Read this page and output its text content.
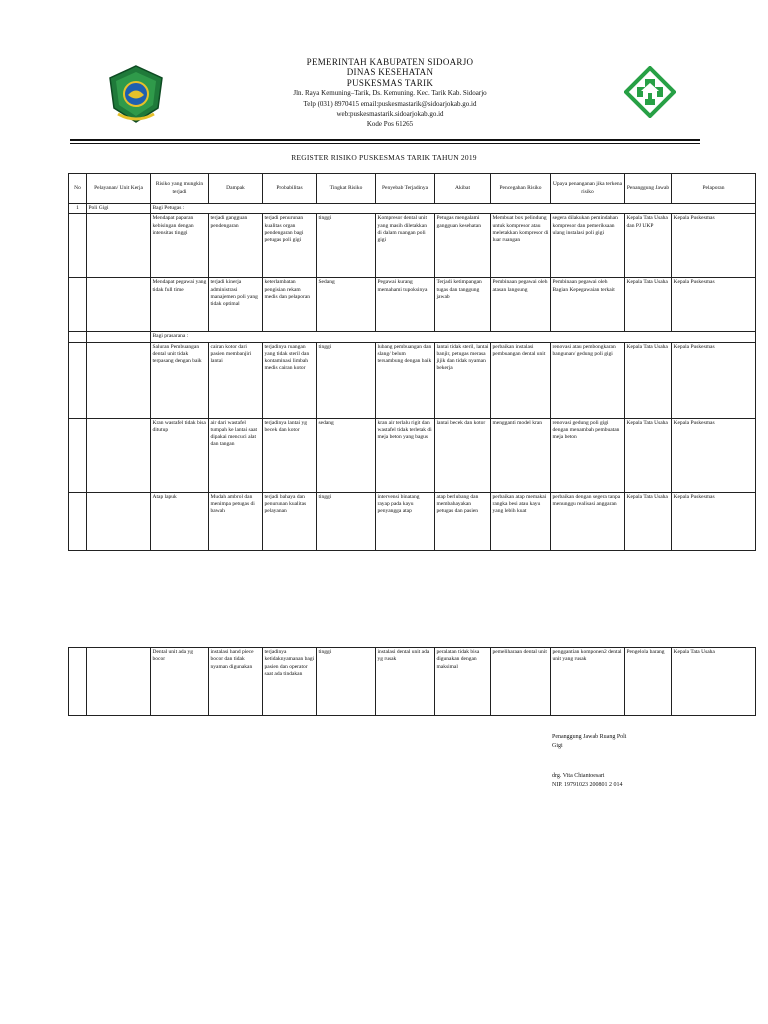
PEMERINTAH KABUPATEN SIDOARJO
DINAS KESEHATAN
PUSKESMAS TARIK
Jln. Raya Kemuning–Tarik, Ds. Kemuning. Kec. Tarik Kab. Sidoarjo
Telp (031) 8970415 email:puskesmastarik@sidoarjokab.go.id
web:puskesmastarik.sidoarjokab.go.id
Kode Pos 61265
REGISTER RISIKO PUSKESMAS TARIK TAHUN 2019
No	Pelayanan/ Unit Kerja	Risiko yang mungkin terjadi	Dampak	Probabilitas	Tingkat Risiko	Penyebab Terjadinya	Akibat	Pencegahan Risiko	Upaya penanganan jika terkena risiko	Penanggung Jawab	Pelaporan
1	Poli Gigi	Bagi Petugas :									
		Mendapat paparan kebisingan dengan intensitas tinggi	terjadi gangguan pendengaran	terjadi penurunan kualitas organ pendengaran bagi petugas poli gigi	tinggi	Kompresor dental unit yang masih diletakkan di dalam ruangan poli gigi	Petugas mengalami gangguan kesehatan	Membuat box pelindung untuk kompresor atau meletakkan kompresor di luar ruangan	segera dilakukan pemindahan kompresor dan pemeriksaan ulang instalasi poli gigi	Kepala Tata Usaha dan PJ UKP	Kepala Puskesmas
		Mendapat pegawai yang tidak full time	terjadi kinerja administrasi manajemen poli yang tidak optimal	keterlambatan pengisian rekam medis dan pelaporan	Sedang	Pegawai kurang memahami tupoksinya	Terjadi ketimpangan tugas dan tanggung jawab	Pembinaan pegawai oleh atasan langsung	Pembinaan pegawai oleh Bagian Kepegawaian terkait	Kepala Tata Usaha	Kepala Puskesmas
		Bagi prasarana :									
		Saluran Pembuangan dental unit tidak terpasang dengan baik	cairan kotor dari pasien membanjiri lantai	terjadinya ruangan yang tidak steril dan kontaminasi limbah medis cairan kotor	tinggi	lubang pembuangan dan slang/ belum tersambung dengan baik	lantai tidak steril, lantai banjir, petugas merasa jijik dan tidak nyaman bekerja	perbaikan instalasi pembuangan dental unit	renovasi atau pembongkaran bangunan/ gedung poli gigi	Kepala Tata Usaha	Kepala Puskesmas
		Kran wastafel tidak bisa ditutup	air dari wastafel tumpah ke lantai saat dipakai mencuci alat dan tangan	terjadinya lantai yg becek dan kotor	sedang	kran air terlalu rigit dan wastafel tidak terletak di meja beton yang bagus	lantai becek dan kotor	mengganti model kran	renovasi gedung poli gigi dengan menambah pembuatan meja beton	Kepala Tata Usaha	Kepala Puskesmas
		Atap lapuk	Mudah ambrol dan menimpa petugas di bawah	terjadi bahaya dan penurunan kualitas pelayanan	tinggi	intervensi binatang rayap pada kayu penyangga atap	atap berlubang dan membahayakan petugas dan pasien	perbaikan atap memakai rangka besi atau kayu yang lebih kuat	perbaikan dengan segera tanpa menunggu realisasi anggaran	Kepala Tata Usaha	Kepala Puskesmas
		Dental unit ada yg bocor	instalasi hand piece bocor dan tidak nyaman digunakan	terjadinya ketidaknyamanan bagi pasien dan operator saat ada tindakan	tinggi	instalasi dental unit ada yg rusak	peralatan tidak bisa digunakan dengan maksimal	pemeliharaan dental unit	penggantian komponen2 dental unit yang rusak	Pengelola barang	Kepala Tata Usaha
Penanggung Jawab Ruang Poli
Gigi
drg. Vita Chiantoesari
NIP. 19791023 200801 2 014
